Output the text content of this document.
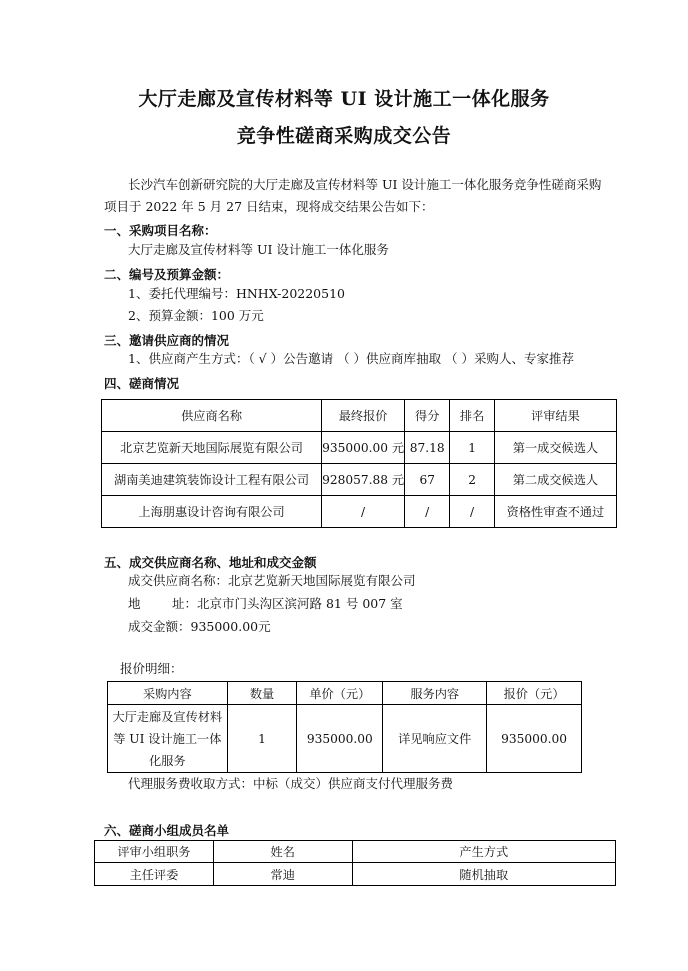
大厅走廊及宣传材料等 UI 设计施工一体化服务
竞争性磋商采购成交公告
长沙汽车创新研究院的大厅走廊及宣传材料等 UI 设计施工一体化服务竞争性磋商采购
项目于 2022 年 5 月 27 日结束，现将成交结果公告如下：
一、采购项目名称：
大厅走廊及宣传材料等 UI 设计施工一体化服务
二、编号及预算金额：
1、委托代理编号：HNHX-20220510
2、预算金额：100 万元
三、邀请供应商的情况
1、供应商产生方式：（ √ ）公告邀请 （ ）供应商库抽取 （ ）采购人、专家推荐
四、磋商情况
供应商名称	最终报价	得分	排名	评审结果
北京艺览新天地国际展览有限公司	935000.00 元	87.18	1	第一成交候选人
湖南美迪建筑装饰设计工程有限公司	928057.88 元	67	2	第二成交候选人
上海朋惠设计咨询有限公司	/	/	/	资格性审查不通过
五、成交供应商名称、地址和成交金额
成交供应商名称：北京艺览新天地国际展览有限公司
地	址：北京市门头沟区滨河路 81 号 007 室
成交金额：935000.00元
报价明细：
采购内容	数量	单价（元）	服务内容	报价（元）
大厅走廊及宣传材料等 UI 设计施工一体化服务	1	935000.00	详见响应文件	935000.00
代理服务费收取方式：中标（成交）供应商支付代理服务费
六、磋商小组成员名单
评审小组职务	姓名	产生方式
主任评委	常迪	随机抽取
